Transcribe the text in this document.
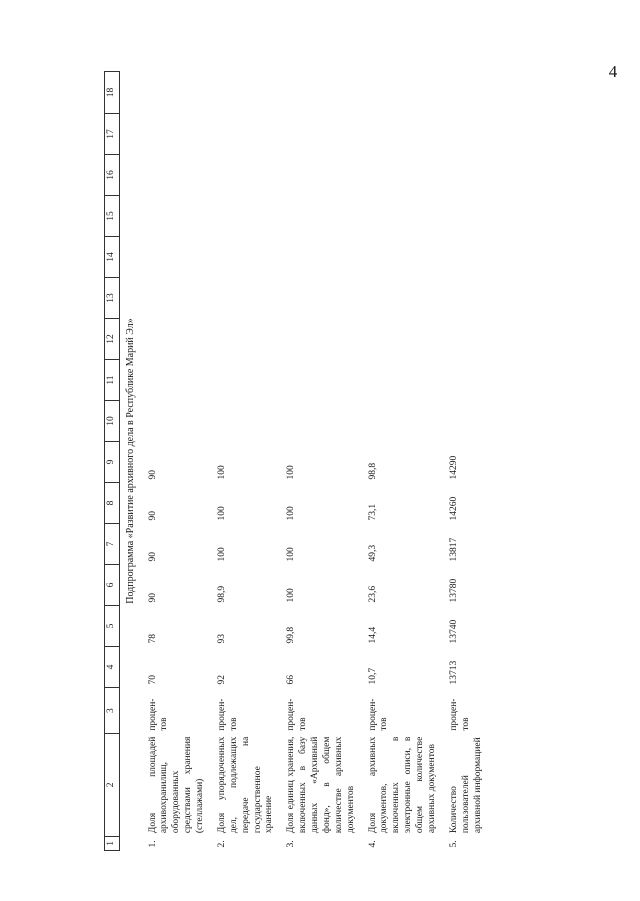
4
1	2	3	4	5	6	7	8	9	10	11	12	13	14	15	16	17	18
Подпрограмма «Развитие архивного дела в Республике Марий Эл»																	
1.	Доля площадей архивохранилищ, оборудованных средствами хранения (стеллажами)	процен-тов	70	78	90	90	90	90									
2.	Доля упорядоченных дел, подлежащих передаче на государственное хранение	процен-тов	92	93	98,9	100	100	100									
3.	Доля единиц хранения, включенных в базу данных «Архивный фонд», в общем количестве архивных документов	процен-тов	66	99,8	100	100	100	100									
4.	Доля архивных документов, включенных в электронные описи, в общем количестве архивных документов	процен-тов	10,7	14,4	23,6	49,3	73,1	98,8									
5.	Количество пользователей архивной информацией	процен-тов	13713	13740	13780	13817	14260	14290									
